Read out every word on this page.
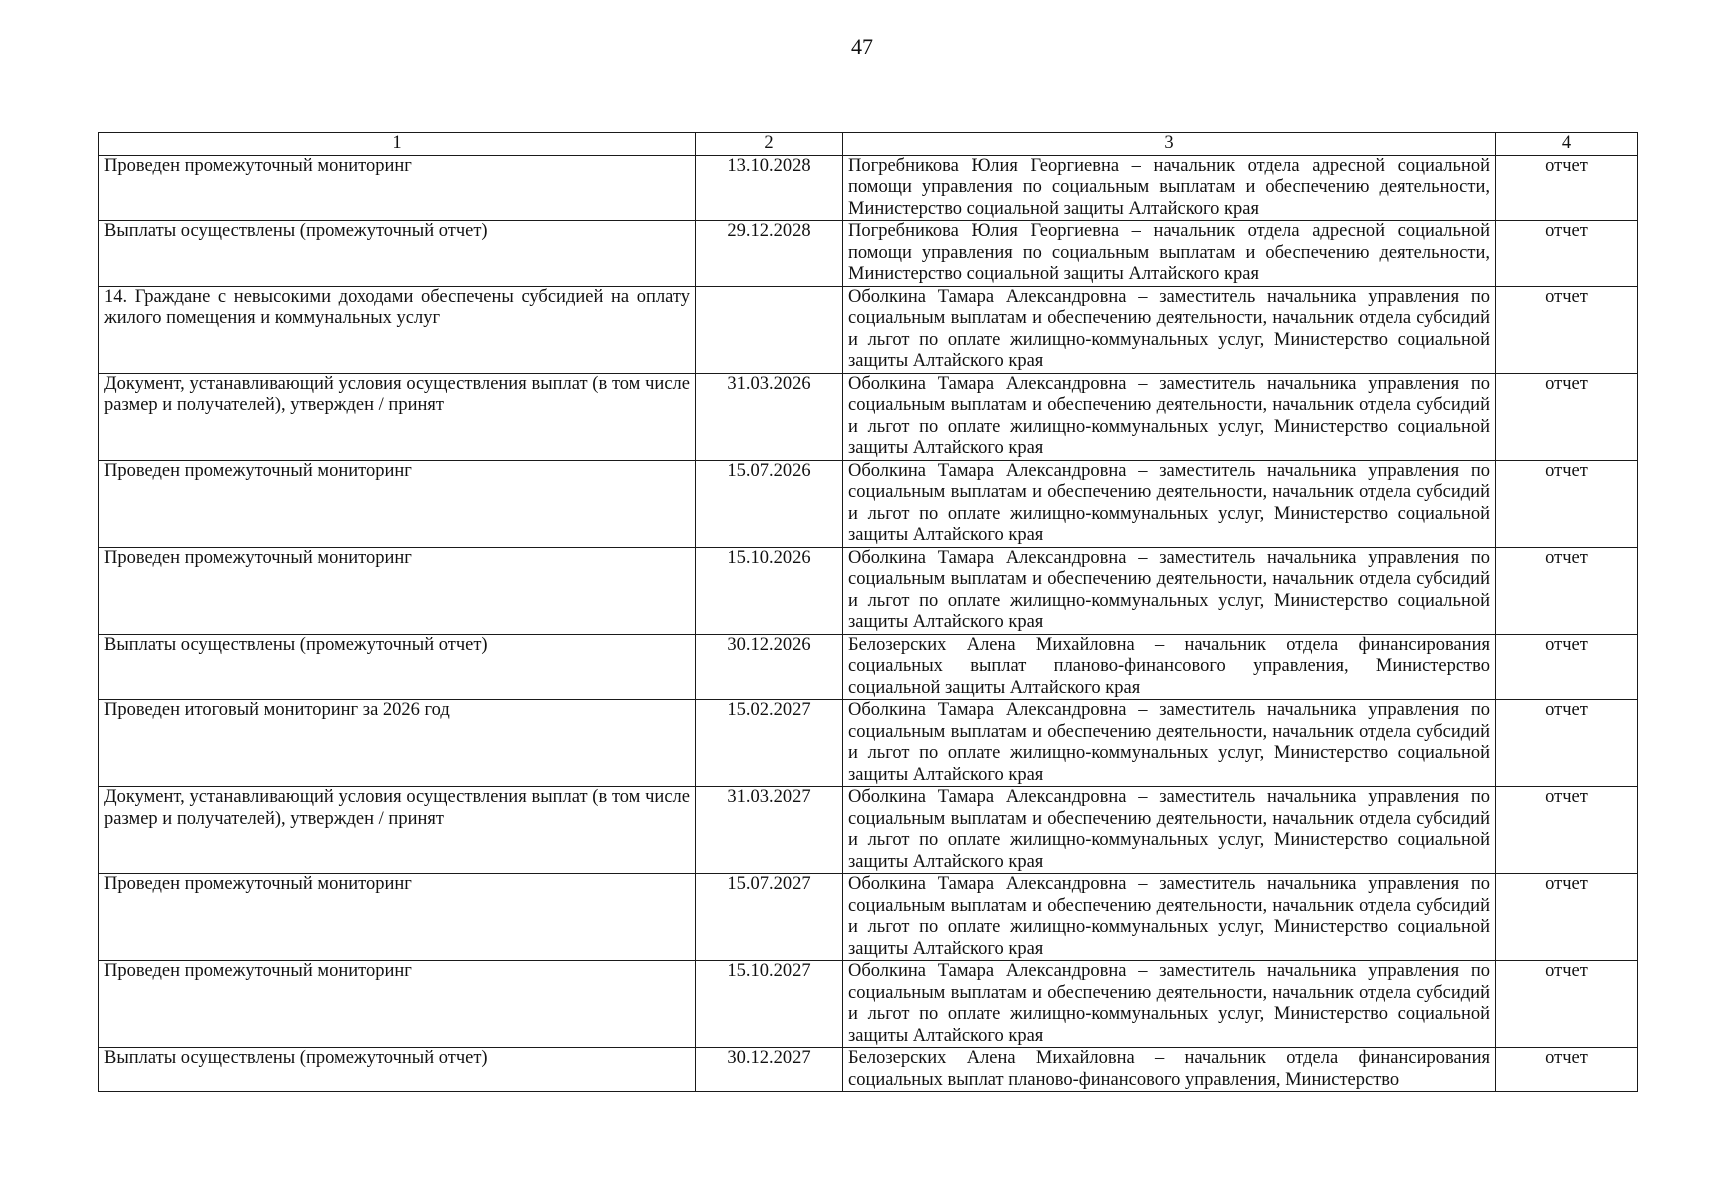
47
1	2	3	4
Проведен промежуточный мониторинг	13.10.2028	Погребникова Юлия Георгиевна – начальник отдела адресной социальной помощи управления по социальным выплатам и обеспечению деятельности, Министерство социальной защиты Алтайского края	отчет
Выплаты осуществлены (промежуточный отчет)	29.12.2028	Погребникова Юлия Георгиевна – начальник отдела адресной социальной помощи управления по социальным выплатам и обеспечению деятельности, Министерство социальной защиты Алтайского края	отчет
14. Граждане с невысокими доходами обеспечены субсидией на оплату жилого помещения и коммунальных услуг		Оболкина Тамара Александровна – заместитель начальника управления по социальным выплатам и обеспечению деятельности, начальник отдела субсидий и льгот по оплате жилищно-коммунальных услуг, Министерство социальной защиты Алтайского края	отчет
Документ, устанавливающий условия осуществления выплат (в том числе размер и получателей), утвержден / принят	31.03.2026	Оболкина Тамара Александровна – заместитель начальника управления по социальным выплатам и обеспечению деятельности, начальник отдела субсидий и льгот по оплате жилищно-коммунальных услуг, Министерство социальной защиты Алтайского края	отчет
Проведен промежуточный мониторинг	15.07.2026	Оболкина Тамара Александровна – заместитель начальника управления по социальным выплатам и обеспечению деятельности, начальник отдела субсидий и льгот по оплате жилищно-коммунальных услуг, Министерство социальной защиты Алтайского края	отчет
Проведен промежуточный мониторинг	15.10.2026	Оболкина Тамара Александровна – заместитель начальника управления по социальным выплатам и обеспечению деятельности, начальник отдела субсидий и льгот по оплате жилищно-коммунальных услуг, Министерство социальной защиты Алтайского края	отчет
Выплаты осуществлены (промежуточный отчет)	30.12.2026	Белозерских Алена Михайловна – начальник отдела финансирования социальных выплат планово-финансового управления, Министерство социальной защиты Алтайского края	отчет
Проведен итоговый мониторинг за 2026 год	15.02.2027	Оболкина Тамара Александровна – заместитель начальника управления по социальным выплатам и обеспечению деятельности, начальник отдела субсидий и льгот по оплате жилищно-коммунальных услуг, Министерство социальной защиты Алтайского края	отчет
Документ, устанавливающий условия осуществления выплат (в том числе размер и получателей), утвержден / принят	31.03.2027	Оболкина Тамара Александровна – заместитель начальника управления по социальным выплатам и обеспечению деятельности, начальник отдела субсидий и льгот по оплате жилищно-коммунальных услуг, Министерство социальной защиты Алтайского края	отчет
Проведен промежуточный мониторинг	15.07.2027	Оболкина Тамара Александровна – заместитель начальника управления по социальным выплатам и обеспечению деятельности, начальник отдела субсидий и льгот по оплате жилищно-коммунальных услуг, Министерство социальной защиты Алтайского края	отчет
Проведен промежуточный мониторинг	15.10.2027	Оболкина Тамара Александровна – заместитель начальника управления по социальным выплатам и обеспечению деятельности, начальник отдела субсидий и льгот по оплате жилищно-коммунальных услуг, Министерство социальной защиты Алтайского края	отчет
Выплаты осуществлены (промежуточный отчет)	30.12.2027	Белозерских Алена Михайловна – начальник отдела финансирования социальных выплат планово-финансового управления, Министерство	отчет
